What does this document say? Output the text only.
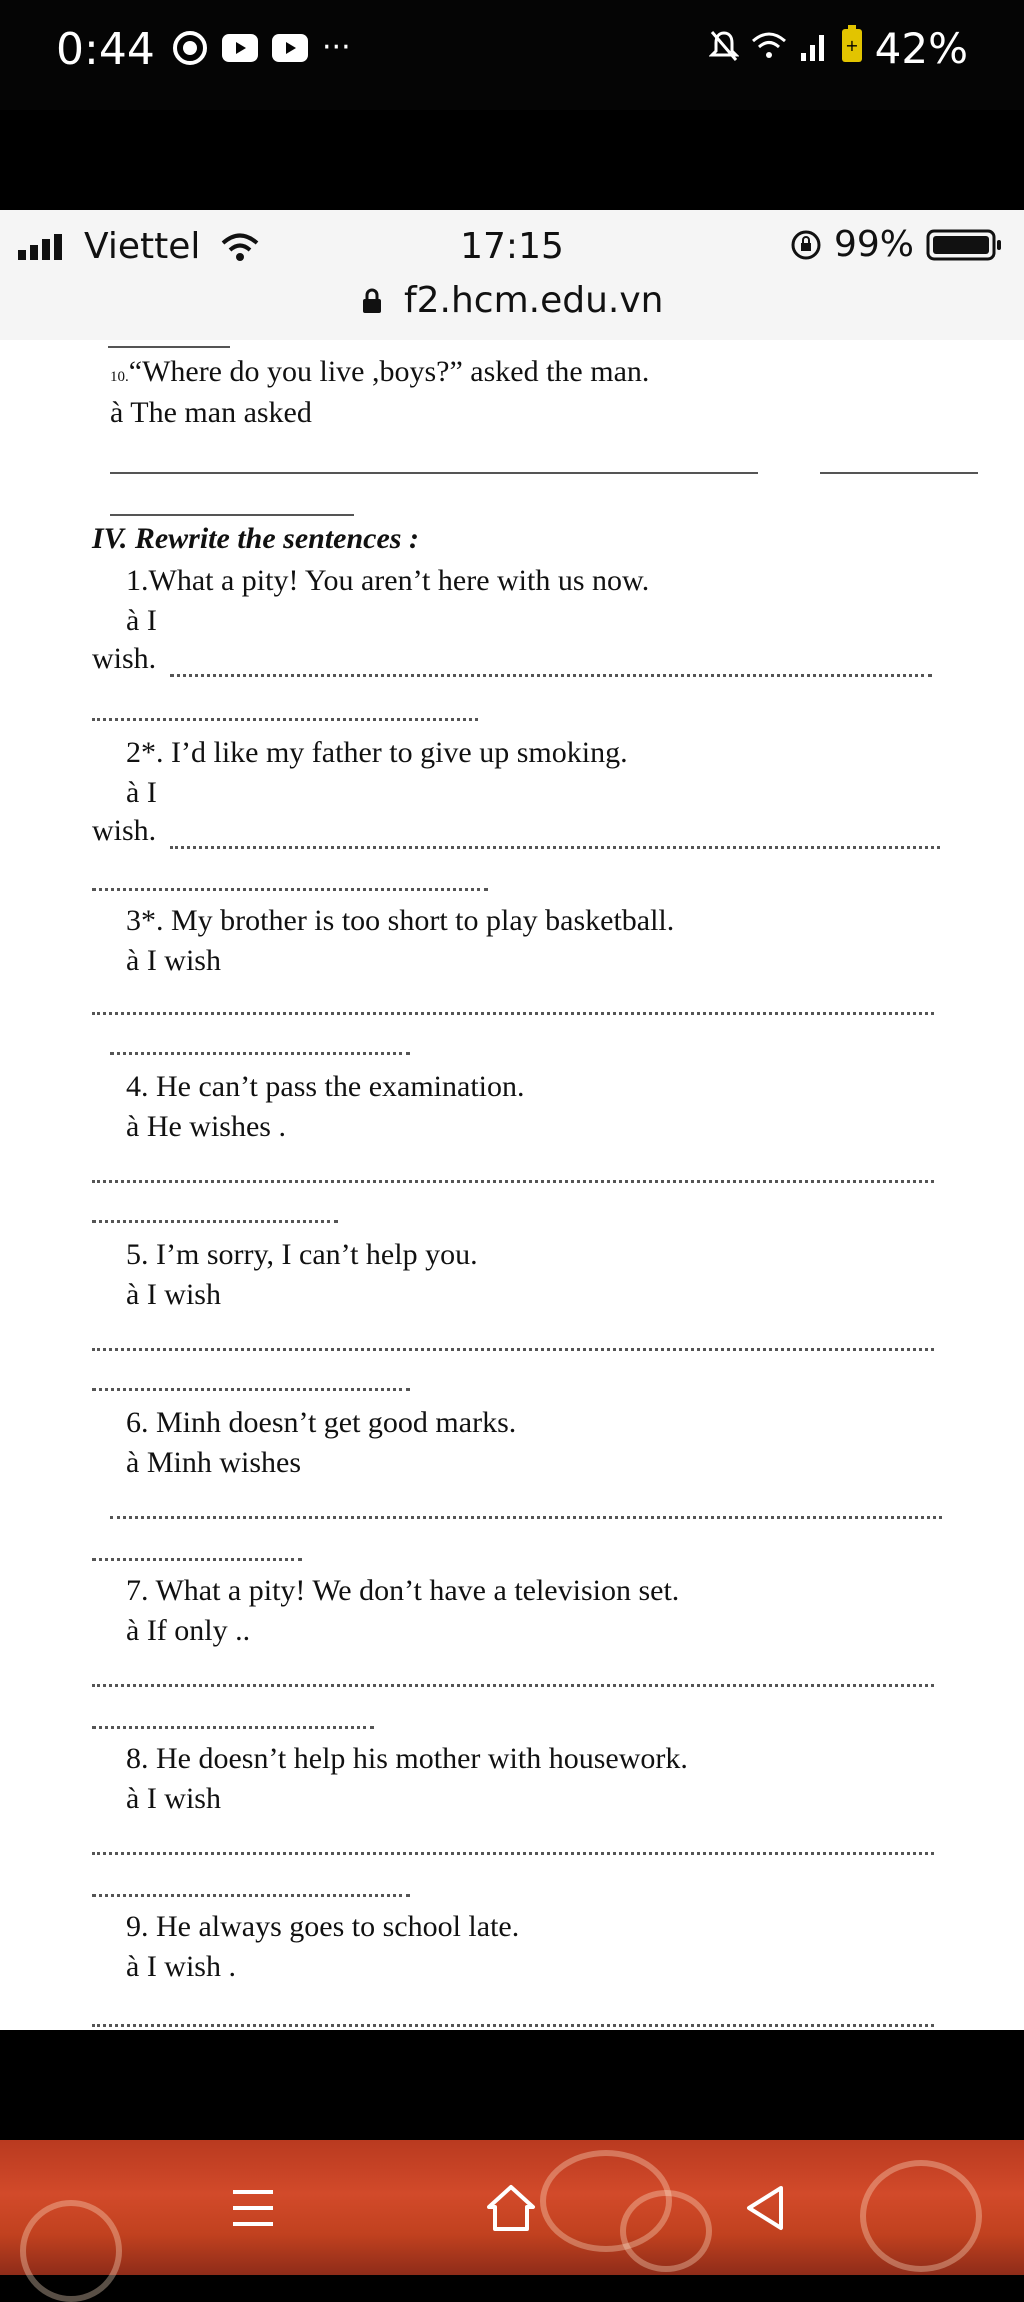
0:44	···	+ 42%
Viettel	17:15	99%
f2.hcm.edu.vn
10.“Where do you live ,boys?” asked the man.
à The man asked
IV. Rewrite the sentences :
1.What a pity! You aren’t here with us now.
à I
wish.
2*. I’d like my father to give up smoking.
à I
wish.
3*. My brother is too short to play basketball.
à I wish
4. He can’t pass the examination.
à He wishes .
5. I’m sorry, I can’t help you.
à I wish
6. Minh doesn’t get good marks.
à Minh wishes
7. What a pity! We don’t have a television set.
à If only ..
8. He doesn’t help his mother with housework.
à I wish
9. He always goes to school late.
à I wish .
